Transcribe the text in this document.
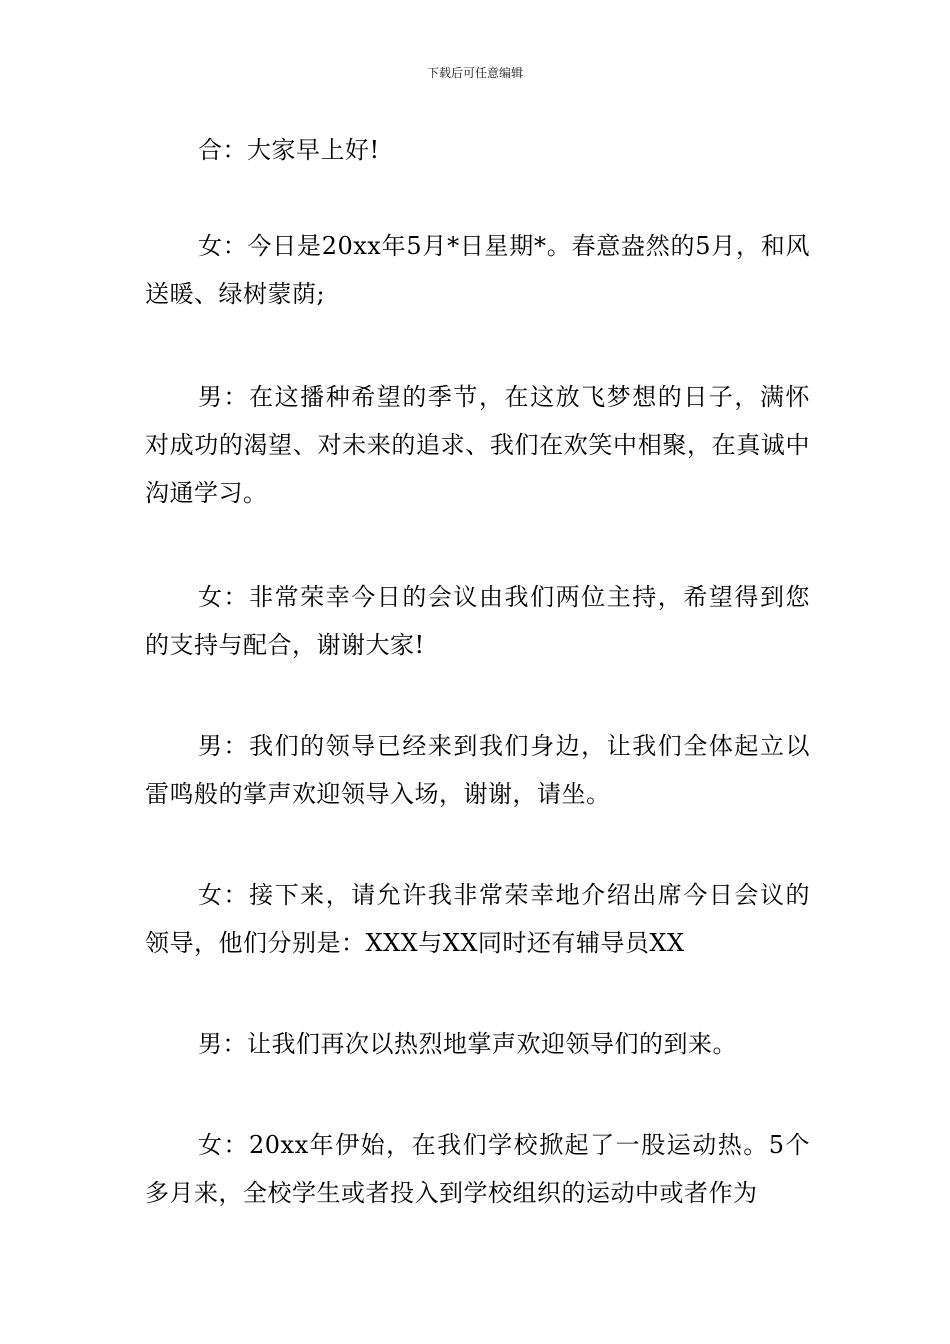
下载后可任意编辑

合：大家早上好!

女：今日是20xx年5月*日星期*。春意盎然的5月，和风送暖、绿树蒙荫;

男：在这播种希望的季节，在这放飞梦想的日子，满怀对成功的渴望、对未来的追求、我们在欢笑中相聚，在真诚中沟通学习。

女：非常荣幸今日的会议由我们两位主持，希望得到您的支持与配合，谢谢大家!

男：我们的领导已经来到我们身边，让我们全体起立以雷鸣般的掌声欢迎领导入场，谢谢，请坐。

女：接下来，请允许我非常荣幸地介绍出席今日会议的领导，他们分别是：XXX与XX同时还有辅导员XX

男：让我们再次以热烈地掌声欢迎领导们的到来。

女：20xx年伊始，在我们学校掀起了一股运动热。5个多月来，全校学生或者投入到学校组织的运动中或者作为
